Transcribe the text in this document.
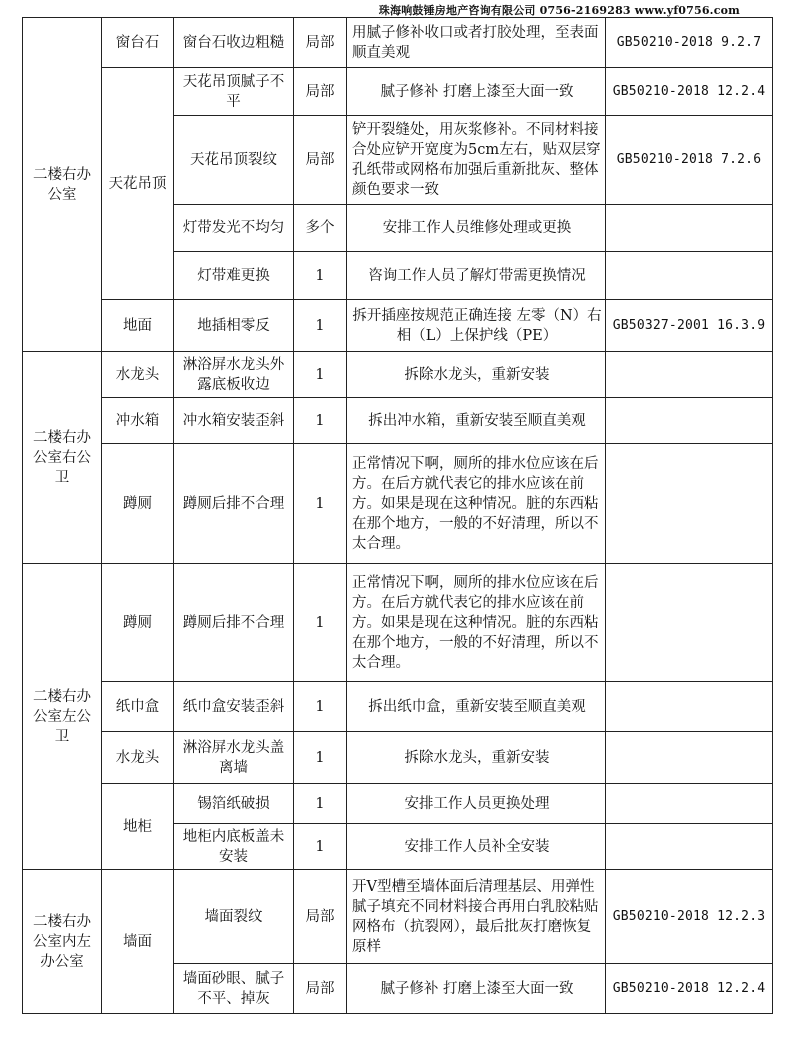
珠海响鼓锤房地产咨询有限公司 0756-2169283 www.yf0756.com
二楼右办公室	窗台石	窗台石收边粗糙	局部	用腻子修补收口或者打胶处理，至表面顺直美观	GB50210-2018 9.2.7
	天花吊顶	天花吊顶腻子不平	局部	腻子修补 打磨上漆至大面一致	GB50210-2018 12.2.4
		天花吊顶裂纹	局部	铲开裂缝处，用灰浆修补。不同材料接合处应铲开宽度为5cm左右，贴双层穿孔纸带或网格布加强后重新批灰、整体颜色要求一致	GB50210-2018 7.2.6
		灯带发光不均匀	多个	安排工作人员维修处理或更换	
		灯带难更换	1	咨询工作人员了解灯带需更换情况	
	地面	地插相零反	1	拆开插座按规范正确连接 左零（N）右相（L）上保护线（PE）	GB50327-2001 16.3.9
二楼右办公室右公卫	水龙头	淋浴屏水龙头外露底板收边	1	拆除水龙头，重新安装	
	冲水箱	冲水箱安装歪斜	1	拆出冲水箱，重新安装至顺直美观	
	蹲厕	蹲厕后排不合理	1	正常情况下啊，厕所的排水位应该在后方。在后方就代表它的排水应该在前方。如果是现在这种情况。脏的东西粘在那个地方，一般的不好清理，所以不太合理。	
二楼右办公室左公卫	蹲厕	蹲厕后排不合理	1	正常情况下啊，厕所的排水位应该在后方。在后方就代表它的排水应该在前方。如果是现在这种情况。脏的东西粘在那个地方，一般的不好清理，所以不太合理。	
	纸巾盒	纸巾盒安装歪斜	1	拆出纸巾盒，重新安装至顺直美观	
	水龙头	淋浴屏水龙头盖离墙	1	拆除水龙头，重新安装	
	地柜	锡箔纸破损	1	安排工作人员更换处理	
		地柜内底板盖未安装	1	安排工作人员补全安装	
二楼右办公室内左办公室	墙面	墙面裂纹	局部	开V型槽至墙体面后清理基层、用弹性腻子填充不同材料接合再用白乳胶粘贴网格布（抗裂网），最后批灰打磨恢复原样	GB50210-2018 12.2.3
		墙面砂眼、腻子不平、掉灰	局部	腻子修补 打磨上漆至大面一致	GB50210-2018 12.2.4
